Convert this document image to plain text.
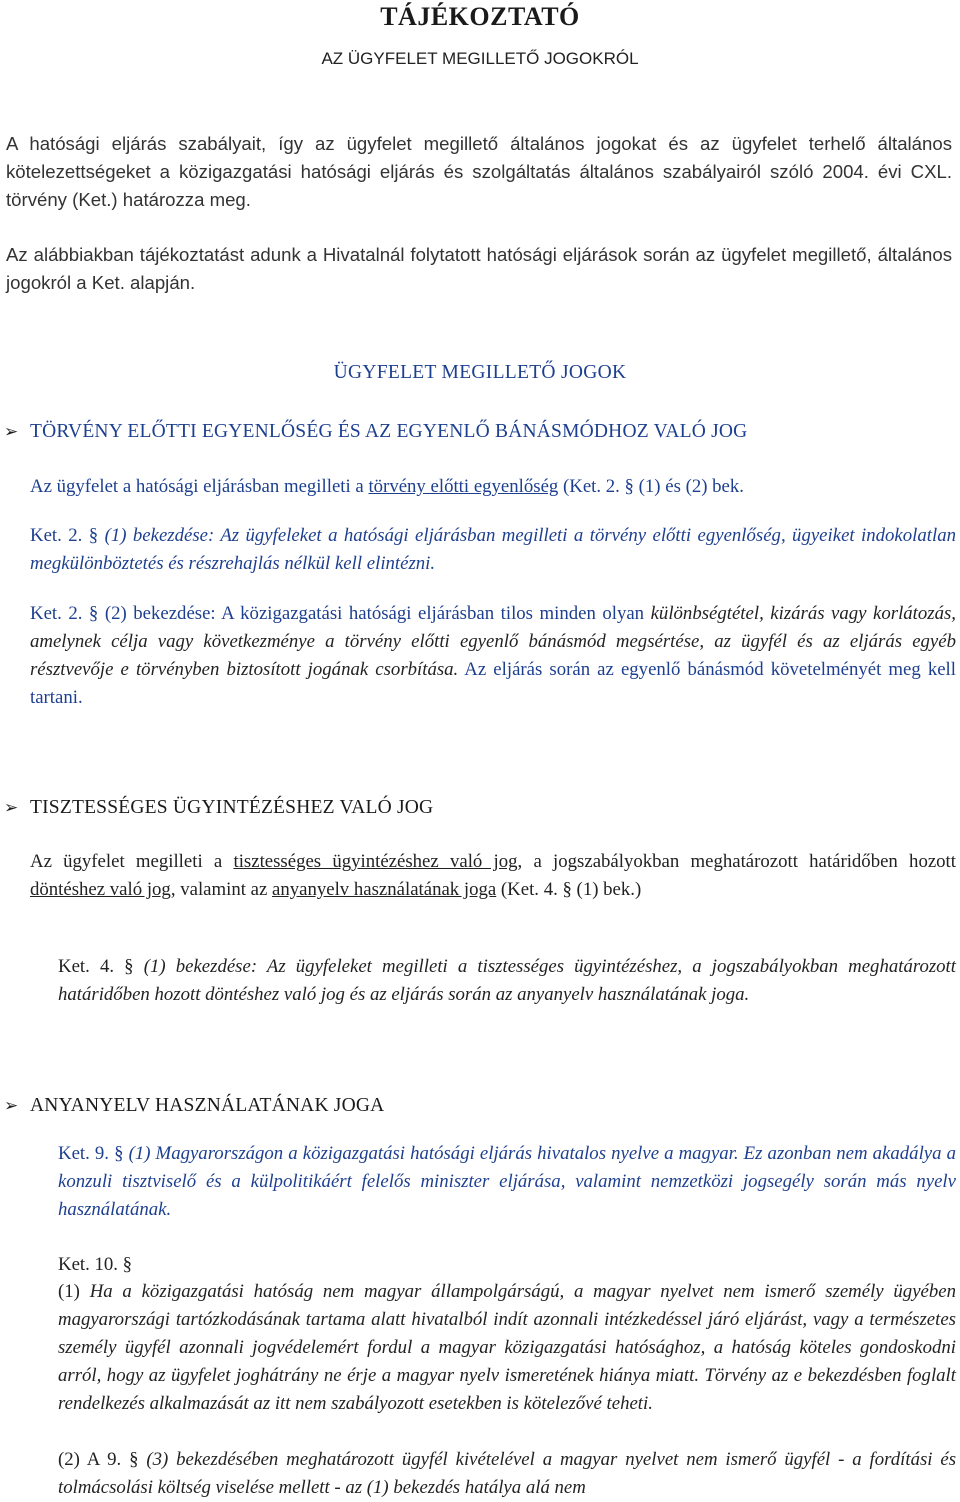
TÁJÉKOZTATÓ
AZ ÜGYFELET MEGILLETŐ JOGOKRÓL
A hatósági eljárás szabályait, így az ügyfelet megillető általános jogokat és az ügyfelet terhelő általános kötelezettségeket a közigazgatási hatósági eljárás és szolgáltatás általános szabályairól szóló 2004. évi CXL. törvény (Ket.) határozza meg.
Az alábbiakban tájékoztatást adunk a Hivatalnál folytatott hatósági eljárások során az ügyfelet megillető, általános jogokról a Ket. alapján.
ÜGYFELET MEGILLETŐ JOGOK
➢ TÖRVÉNY ELŐTTI EGYENLŐSÉG ÉS AZ EGYENLŐ BÁNÁSMÓDHOZ VALÓ JOG
Az ügyfelet a hatósági eljárásban megilleti a törvény előtti egyenlőség (Ket. 2. § (1) és (2) bek.
Ket. 2. § (1) bekezdése: Az ügyfeleket a hatósági eljárásban megilleti a törvény előtti egyenlőség, ügyeiket indokolatlan megkülönböztetés és részrehajlás nélkül kell elintézni.
Ket. 2. § (2) bekezdése: A közigazgatási hatósági eljárásban tilos minden olyan különbségtétel, kizárás vagy korlátozás, amelynek célja vagy következménye a törvény előtti egyenlő bánásmód megsértése, az ügyfél és az eljárás egyéb résztvevője e törvényben biztosított jogának csorbítása. Az eljárás során az egyenlő bánásmód követelményét meg kell tartani.
➢ TISZTESSÉGES ÜGYINTÉZÉSHEZ VALÓ JOG
Az ügyfelet megilleti a tisztességes ügyintézéshez való jog, a jogszabályokban meghatározott határidőben hozott döntéshez való jog, valamint az anyanyelv használatának joga (Ket. 4. § (1) bek.)
Ket. 4. § (1) bekezdése: Az ügyfeleket megilleti a tisztességes ügyintézéshez, a jogszabályokban meghatározott határidőben hozott döntéshez való jog és az eljárás során az anyanyelv használatának joga.
➢ ANYANYELV HASZNÁLATÁNAK JOGA
Ket. 9. § (1) Magyarországon a közigazgatási hatósági eljárás hivatalos nyelve a magyar. Ez azonban nem akadálya a konzuli tisztviselő és a külpolitikáért felelős miniszter eljárása, valamint nemzetközi jogsegély során más nyelv használatának.
Ket. 10. §
(1) Ha a közigazgatási hatóság nem magyar állampolgárságú, a magyar nyelvet nem ismerő személy ügyében magyarországi tartózkodásának tartama alatt hivatalból indít azonnali intézkedéssel járó eljárást, vagy a természetes személy ügyfél azonnali jogvédelemért fordul a magyar közigazgatási hatósághoz, a hatóság köteles gondoskodni arról, hogy az ügyfelet joghátrány ne érje a magyar nyelv ismeretének hiánya miatt. Törvény az e bekezdésben foglalt rendelkezés alkalmazását az itt nem szabályozott esetekben is kötelezővé teheti.
(2) A 9. § (3) bekezdésében meghatározott ügyfél kivételével a magyar nyelvet nem ismerő ügyfél - a fordítási és tolmácsolási költség viselése mellett - az (1) bekezdés hatálya alá nem
